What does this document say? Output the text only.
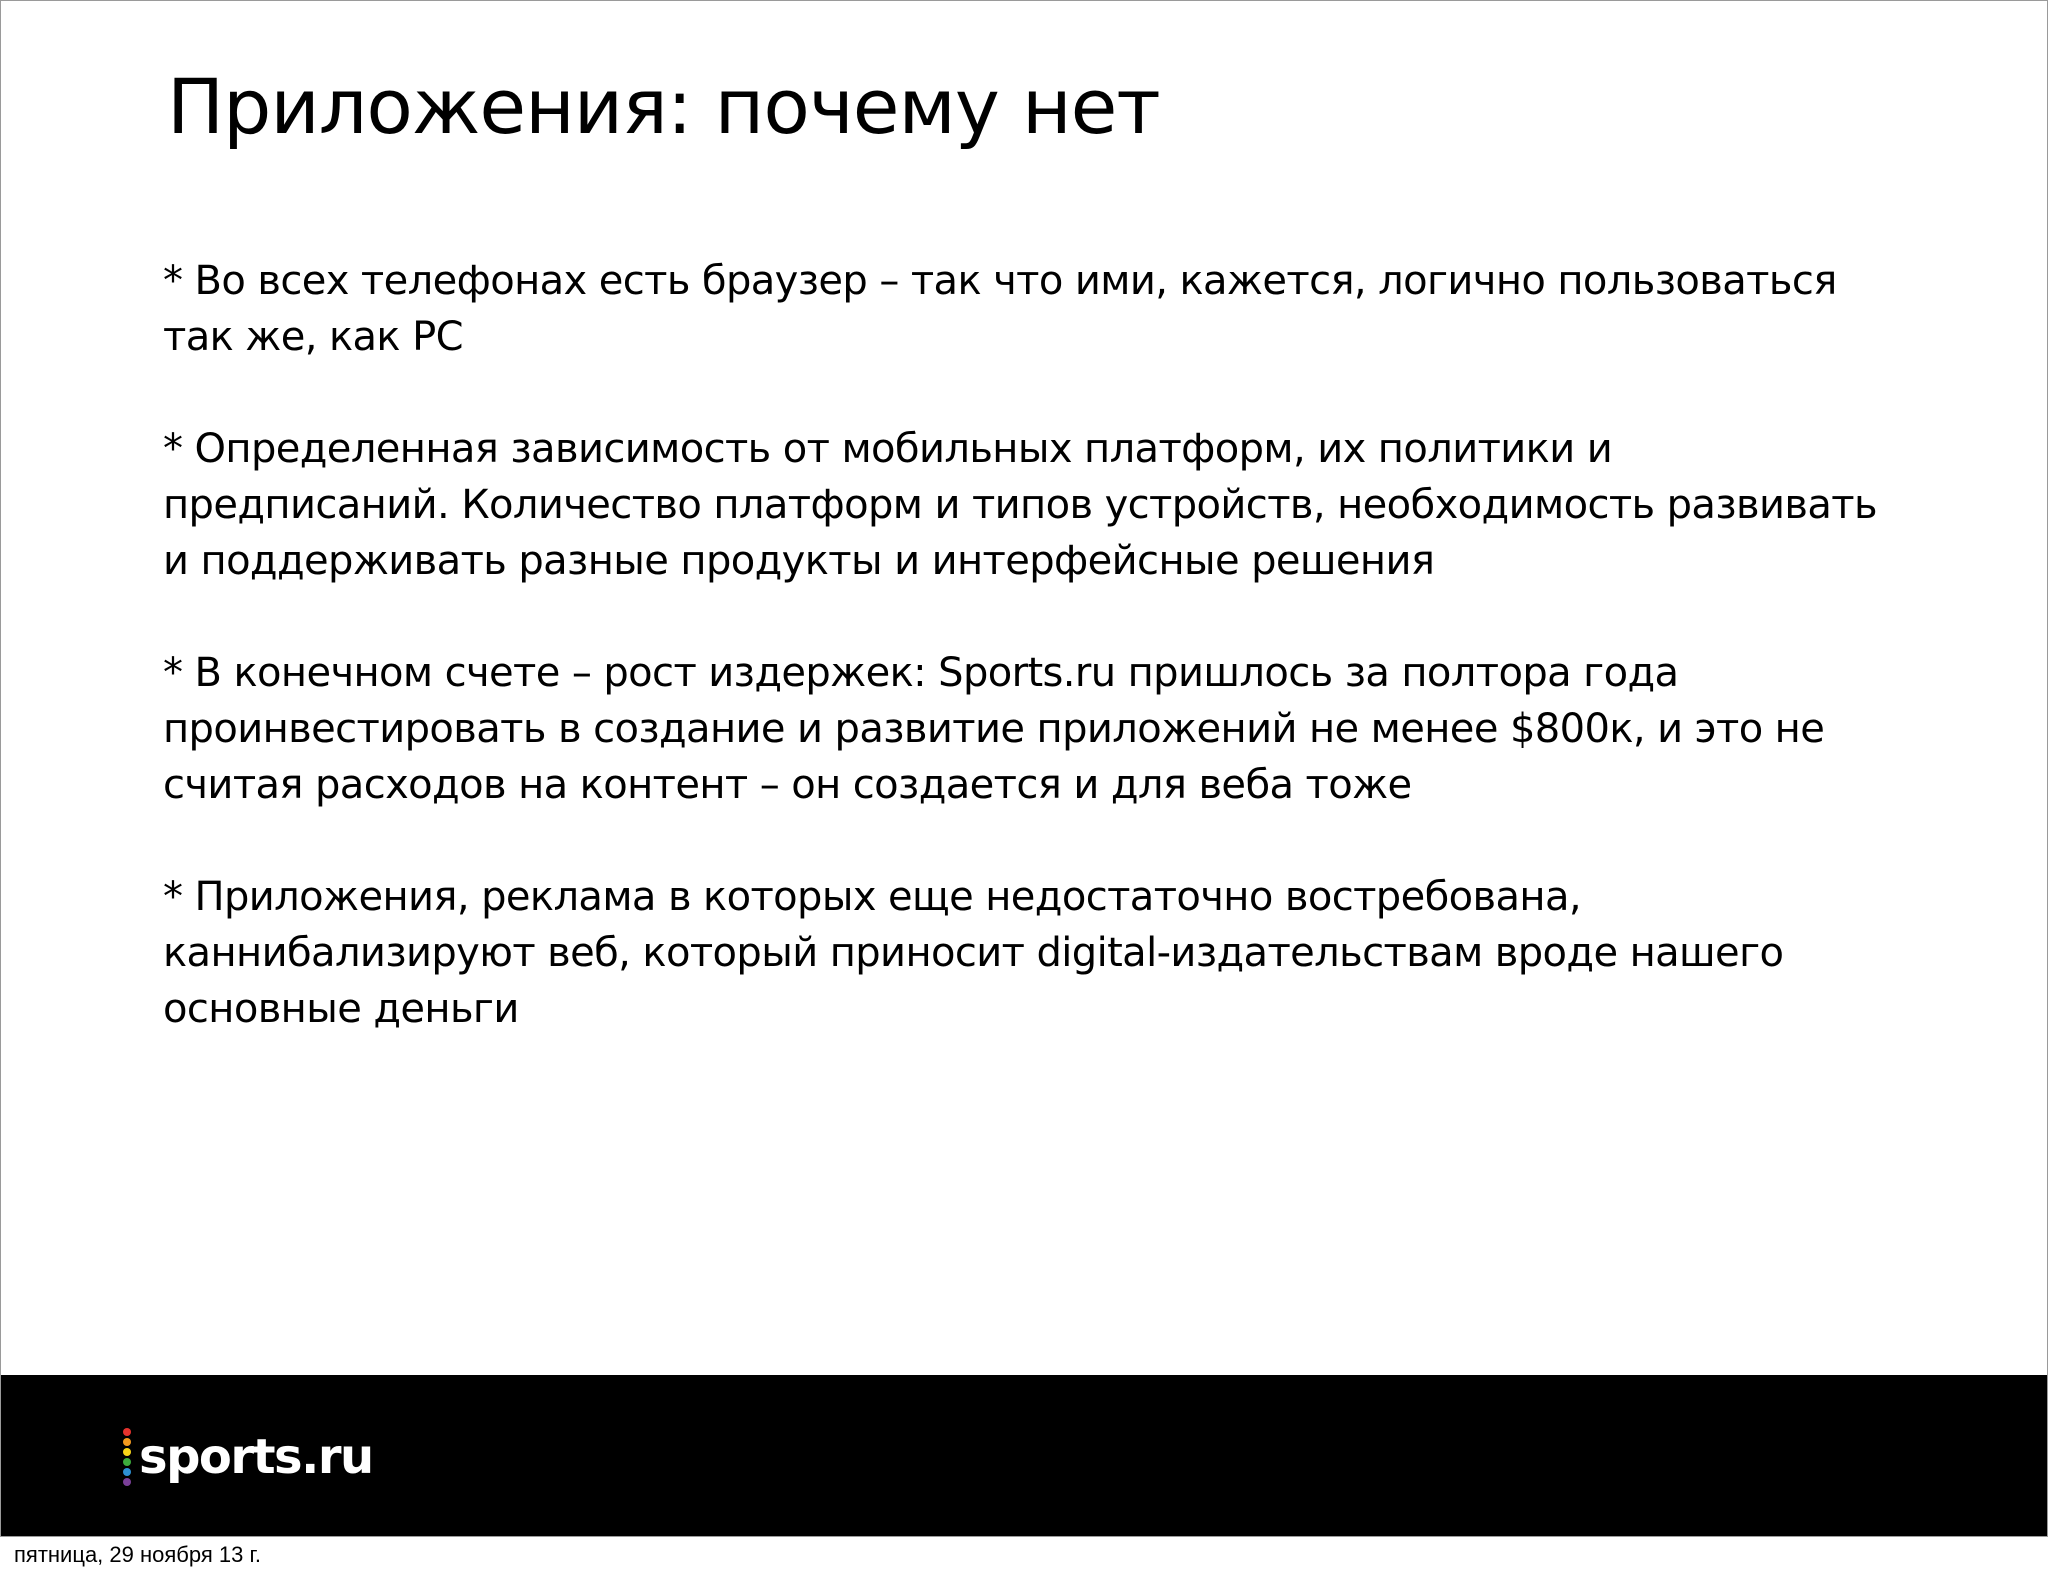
Приложения: почему нет
* Во всех телефонах есть браузер – так что ими, кажется, логично пользоваться так же, как PC
* Определенная зависимость от мобильных платформ, их политики и предписаний. Количество платформ и типов устройств, необходимость развивать и поддерживать разные продукты и интерфейсные решения
* В конечном счете – рост издержек: Sports.ru пришлось за полтора года проинвестировать в создание и развитие приложений не менее $800к, и это не считая расходов на контент – он создается и для веба тоже
* Приложения, реклама в которых еще недостаточно востребована, каннибализируют веб, который приносит digital-издательствам вроде нашего основные деньги
sports.ru
пятница, 29 ноября 13 г.
